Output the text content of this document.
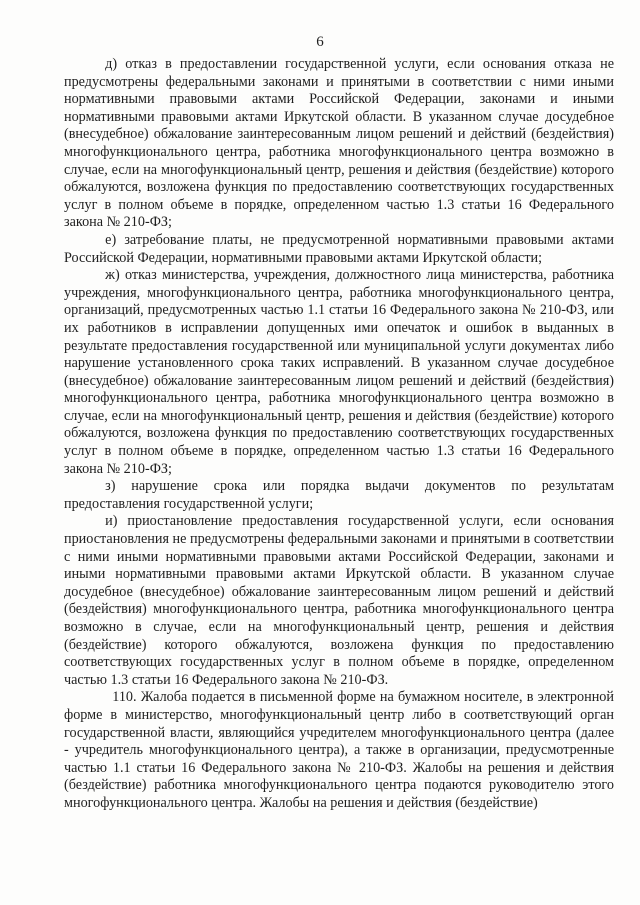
6

д) отказ в предоставлении государственной услуги, если основания отказа не предусмотрены федеральными законами и принятыми в соответствии с ними иными нормативными правовыми актами Российской Федерации, законами и иными нормативными правовыми актами Иркутской области. В указанном случае досудебное (внесудебное) обжалование заинтересованным лицом решений и действий (бездействия) многофункционального центра, работника многофункционального центра возможно в случае, если на многофункциональный центр, решения и действия (бездействие) которого обжалуются, возложена функция по предоставлению соответствующих государственных услуг в полном объеме в порядке, определенном частью 1.3 статьи 16 Федерального закона № 210-ФЗ;

е) затребование платы, не предусмотренной нормативными правовыми актами Российской Федерации, нормативными правовыми актами Иркутской области;

ж) отказ министерства, учреждения, должностного лица министерства, работника учреждения, многофункционального центра, работника многофункционального центра, организаций, предусмотренных частью 1.1 статьи 16 Федерального закона № 210-ФЗ, или их работников в исправлении допущенных ими опечаток и ошибок в выданных в результате предоставления государственной или муниципальной услуги документах либо нарушение установленного срока таких исправлений. В указанном случае досудебное (внесудебное) обжалование заинтересованным лицом решений и действий (бездействия) многофункционального центра, работника многофункционального центра возможно в случае, если на многофункциональный центр, решения и действия (бездействие) которого обжалуются, возложена функция по предоставлению соответствующих государственных услуг в полном объеме в порядке, определенном частью 1.3 статьи 16 Федерального закона № 210-ФЗ;

з) нарушение срока или порядка выдачи документов по результатам предоставления государственной услуги;

и) приостановление предоставления государственной услуги, если основания приостановления не предусмотрены федеральными законами и принятыми в соответствии с ними иными нормативными правовыми актами Российской Федерации, законами и иными нормативными правовыми актами Иркутской области. В указанном случае досудебное (внесудебное) обжалование заинтересованным лицом решений и действий (бездействия) многофункционального центра, работника многофункционального центра возможно в случае, если на многофункциональный центр, решения и действия (бездействие) которого обжалуются, возложена функция по предоставлению соответствующих государственных услуг в полном объеме в порядке, определенном частью 1.3 статьи 16 Федерального закона № 210-ФЗ.

110. Жалоба подается в письменной форме на бумажном носителе, в электронной форме в министерство, многофункциональный центр либо в соответствующий орган государственной власти, являющийся учредителем многофункционального центра (далее - учредитель многофункционального центра), а также в организации, предусмотренные частью 1.1 статьи 16 Федерального закона № 210-ФЗ. Жалобы на решения и действия (бездействие) работника многофункционального центра подаются руководителю этого многофункционального центра. Жалобы на решения и действия (бездействие)
